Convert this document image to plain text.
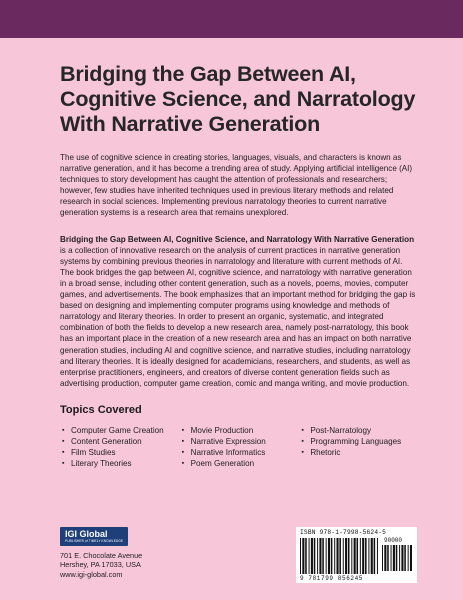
Bridging the Gap Between AI, Cognitive Science, and Narratology With Narrative Generation

The use of cognitive science in creating stories, languages, visuals, and characters is known as narrative generation, and it has become a trending area of study. Applying artificial intelligence (AI) techniques to story development has caught the attention of professionals and researchers; however, few studies have inherited techniques used in previous literary methods and related research in social sciences. Implementing previous narratology theories to current narrative generation systems is a research area that remains unexplored.

Bridging the Gap Between AI, Cognitive Science, and Narratology With Narrative Generation is a collection of innovative research on the analysis of current practices in narrative generation systems by combining previous theories in narratology and literature with current methods of AI. The book bridges the gap between AI, cognitive science, and narratology with narrative generation in a broad sense, including other content generation, such as a novels, poems, movies, computer games, and advertisements. The book emphasizes that an important method for bridging the gap is based on designing and implementing computer programs using knowledge and methods of narratology and literary theories. In order to present an organic, systematic, and integrated combination of both the fields to develop a new research area, namely post-narratology, this book has an important place in the creation of a new research area and has an impact on both narrative generation studies, including AI and cognitive science, and narrative studies, including narratology and literary theories. It is ideally designed for academicians, researchers, and students, as well as enterprise practitioners, engineers, and creators of diverse content generation fields such as advertising production, computer game creation, comic and manga writing, and movie production.

Topics Covered
▪ Computer Game Creation
▪ Content Generation
▪ Film Studies
▪ Literary Theories
▪ Movie Production
▪ Narrative Expression
▪ Narrative Informatics
▪ Poem Generation
▪ Post-Narratology
▪ Programming Languages
▪ Rhetoric
IGI Global
PUBLISHER of TIMELY KNOWLEDGE
701 E. Chocolate Avenue
Hershey, PA 17033, USA
www.igi-global.com
ISBN 978-1-7998-5624-5
90000
9 781799 856245
